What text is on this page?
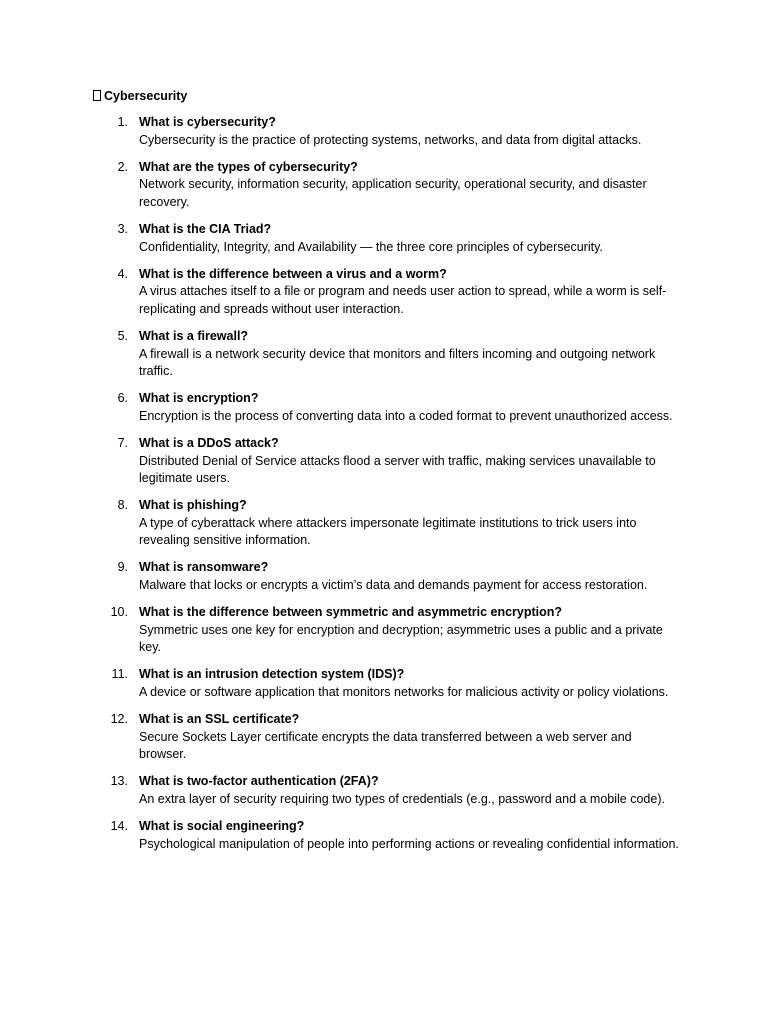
Cybersecurity
1. What is cybersecurity?
Cybersecurity is the practice of protecting systems, networks, and data from digital attacks.
2. What are the types of cybersecurity?
Network security, information security, application security, operational security, and disaster recovery.
3. What is the CIA Triad?
Confidentiality, Integrity, and Availability — the three core principles of cybersecurity.
4. What is the difference between a virus and a worm?
A virus attaches itself to a file or program and needs user action to spread, while a worm is self-replicating and spreads without user interaction.
5. What is a firewall?
A firewall is a network security device that monitors and filters incoming and outgoing network traffic.
6. What is encryption?
Encryption is the process of converting data into a coded format to prevent unauthorized access.
7. What is a DDoS attack?
Distributed Denial of Service attacks flood a server with traffic, making services unavailable to legitimate users.
8. What is phishing?
A type of cyberattack where attackers impersonate legitimate institutions to trick users into revealing sensitive information.
9. What is ransomware?
Malware that locks or encrypts a victim’s data and demands payment for access restoration.
10. What is the difference between symmetric and asymmetric encryption?
Symmetric uses one key for encryption and decryption; asymmetric uses a public and a private key.
11. What is an intrusion detection system (IDS)?
A device or software application that monitors networks for malicious activity or policy violations.
12. What is an SSL certificate?
Secure Sockets Layer certificate encrypts the data transferred between a web server and browser.
13. What is two-factor authentication (2FA)?
An extra layer of security requiring two types of credentials (e.g., password and a mobile code).
14. What is social engineering?
Psychological manipulation of people into performing actions or revealing confidential information.
